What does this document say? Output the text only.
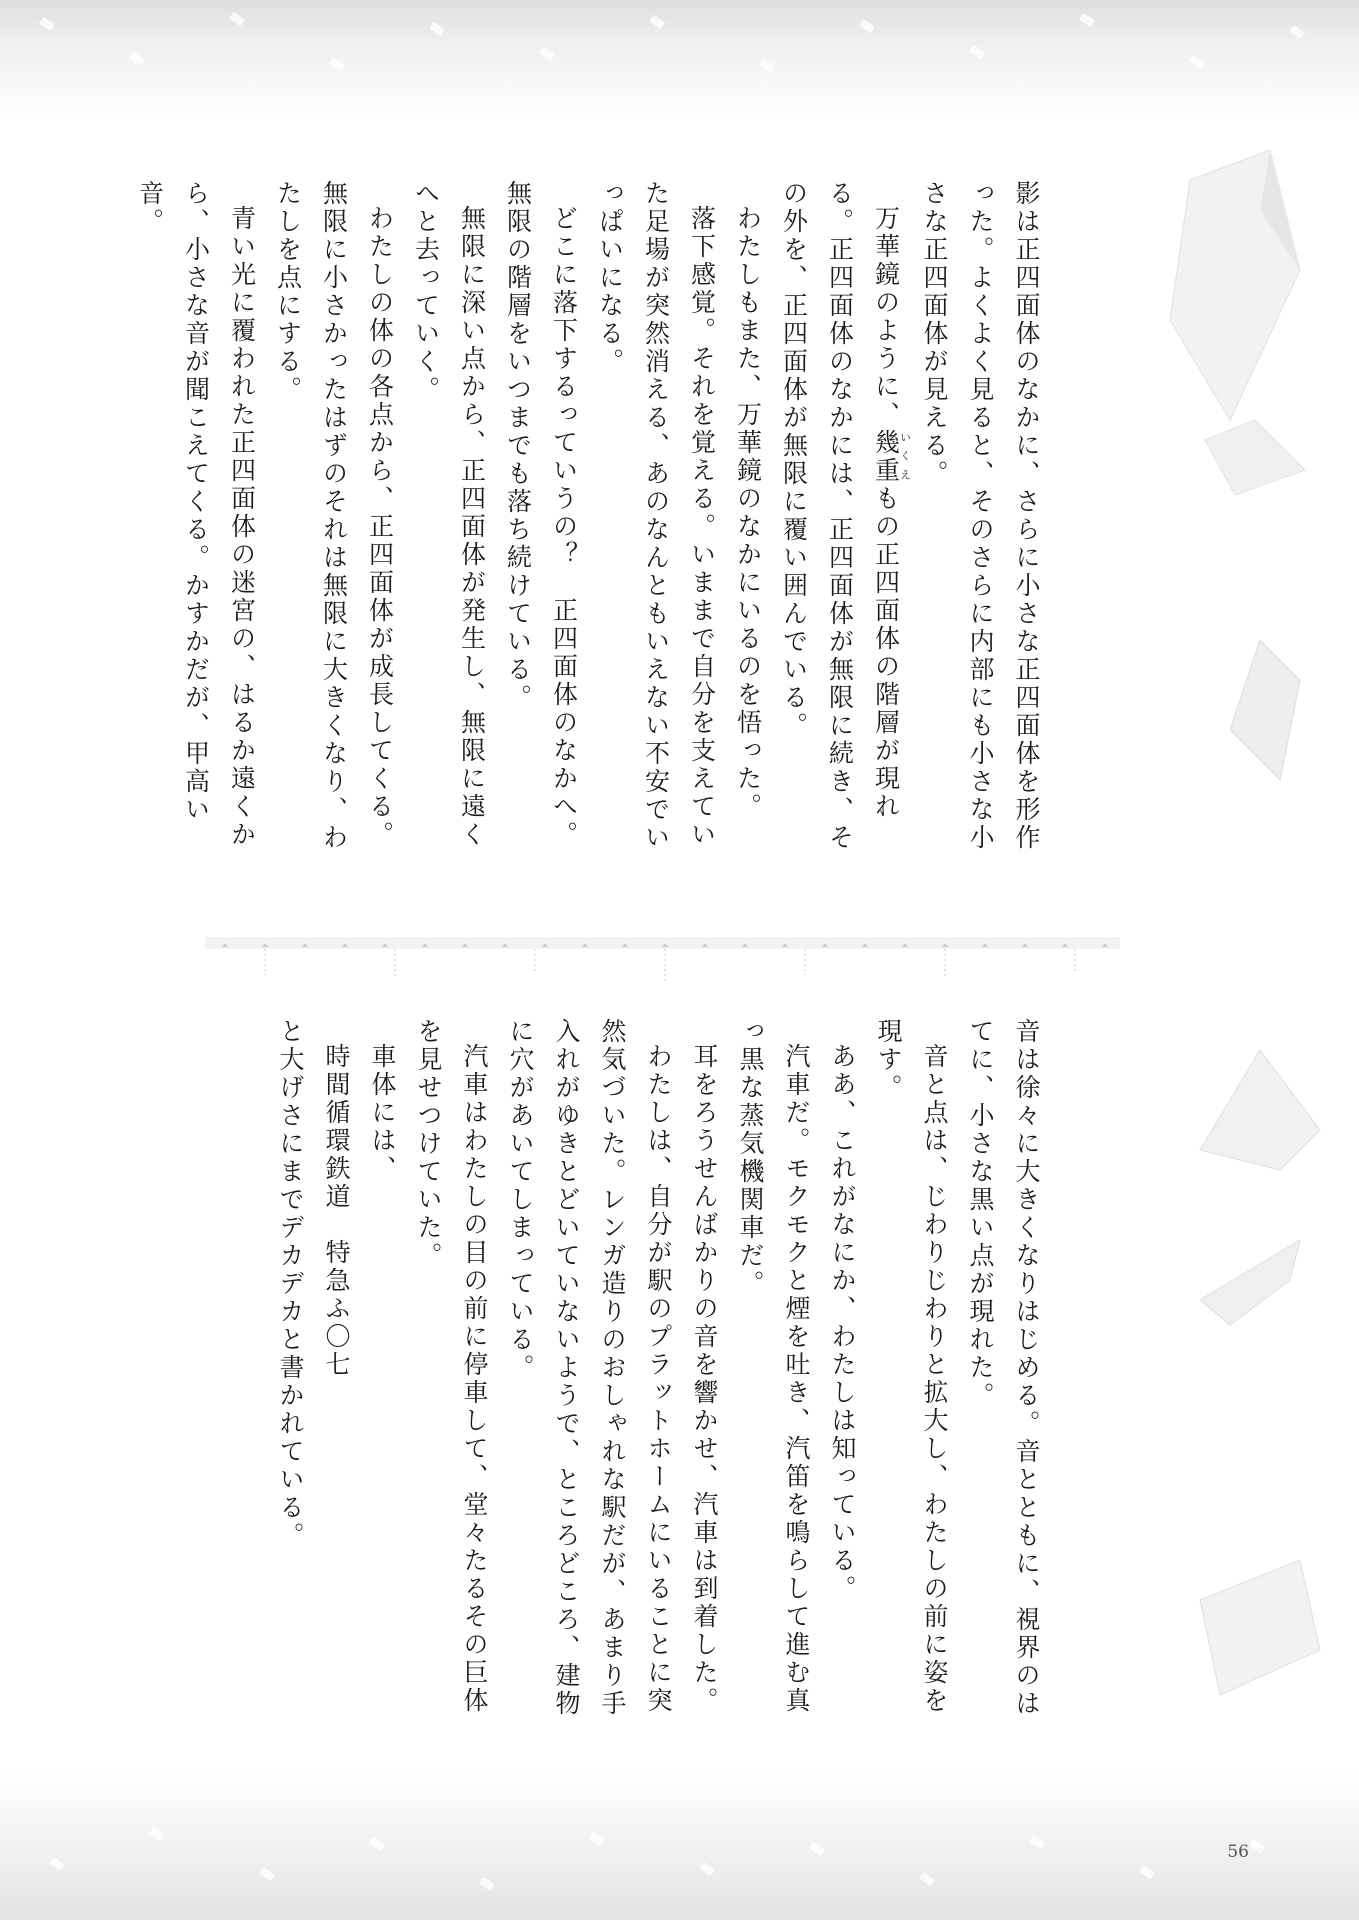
影は正四面体のなかに、さらに小さな正四面体を形作った。よくよく見ると、そのさらに内部にも小さな小さな正四面体が見える。

万華鏡のように、幾重いくえもの正四面体の階層が現れる。正四面体のなかには、正四面体が無限に続き、その外を、正四面体が無限に覆い囲んでいる。

わたしもまた、万華鏡のなかにいるのを悟った。

落下感覚。それを覚える。いままで自分を支えていた足場が突然消える、あのなんともいえない不安でいっぱいになる。

どこに落下するっていうの？　正四面体のなかへ。無限の階層をいつまでも落ち続けている。

無限に深い点から、正四面体が発生し、無限に遠くへと去っていく。

わたしの体の各点から、正四面体が成長してくる。無限に小さかったはずのそれは無限に大きくなり、わたしを点にする。

青い光に覆われた正四面体の迷宮の、はるか遠くから、小さな音が聞こえてくる。かすかだが、甲高い音。

音は徐々に大きくなりはじめる。音とともに、視界のはてに、小さな黒い点が現れた。

音と点は、じわりじわりと拡大し、わたしの前に姿を現す。

ああ、これがなにか、わたしは知っている。

汽車だ。モクモクと煙を吐き、汽笛を鳴らして進む真っ黒な蒸気機関車だ。

耳をろうせんばかりの音を響かせ、汽車は到着した。

わたしは、自分が駅のプラットホームにいることに突然気づいた。レンガ造りのおしゃれな駅だが、あまり手入れがゆきとどいていないようで、ところどころ、建物に穴があいてしまっている。

汽車はわたしの目の前に停車して、堂々たるその巨体を見せつけていた。

車体には、

時間循環鉄道　特急ふ〇七

と大げさにまでデカデカと書かれている。

56
